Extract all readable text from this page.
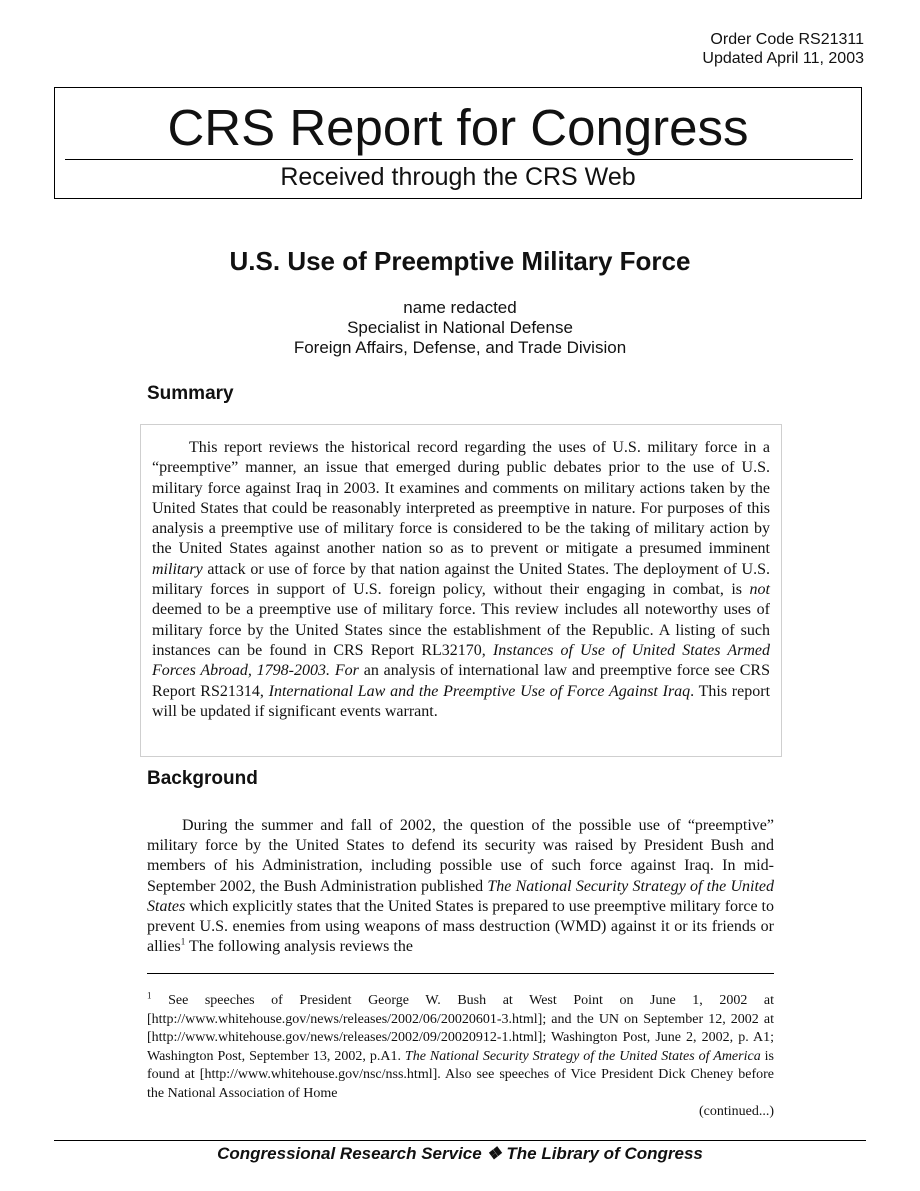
Order Code RS21311
Updated April 11, 2003
CRS Report for Congress
Received through the CRS Web
U.S. Use of Preemptive Military Force
name redacted
Specialist in National Defense
Foreign Affairs, Defense, and Trade Division
Summary

This report reviews the historical record regarding the uses of U.S. military force in a “preemptive” manner, an issue that emerged during public debates prior to the use of U.S. military force against Iraq in 2003. It examines and comments on military actions taken by the United States that could be reasonably interpreted as preemptive in nature. For purposes of this analysis a preemptive use of military force is considered to be the taking of military action by the United States against another nation so as to prevent or mitigate a presumed imminent military attack or use of force by that nation against the United States. The deployment of U.S. military forces in support of U.S. foreign policy, without their engaging in combat, is not deemed to be a preemptive use of military force. This review includes all noteworthy uses of military force by the United States since the establishment of the Republic. A listing of such instances can be found in CRS Report RL32170, Instances of Use of United States Armed Forces Abroad, 1798-2003. For an analysis of international law and preemptive force see CRS Report RS21314, International Law and the Preemptive Use of Force Against Iraq. This report will be updated if significant events warrant.

Background

During the summer and fall of 2002, the question of the possible use of “preemptive” military force by the United States to defend its security was raised by President Bush and members of his Administration, including possible use of such force against Iraq. In mid-September 2002, the Bush Administration published The National Security Strategy of the United States which explicitly states that the United States is prepared to use preemptive military force to prevent U.S. enemies from using weapons of mass destruction (WMD) against it or its friends or allies$^1$ The following analysis reviews the

$^1$ See speeches of President George W. Bush at West Point on June 1, 2002 at [http://www.whitehouse.gov/news/releases/2002/06/20020601-3.html]; and the UN on September 12, 2002 at [http://www.whitehouse.gov/news/releases/2002/09/20020912-1.html]; Washington Post, June 2, 2002, p. A1; Washington Post, September 13, 2002, p.A1. The National Security Strategy of the United States of America is found at [http://www.whitehouse.gov/nsc/nss.html]. Also see speeches of Vice President Dick Cheney before the National Association of Home
(continued...)
Congressional Research Service ❖ The Library of Congress
